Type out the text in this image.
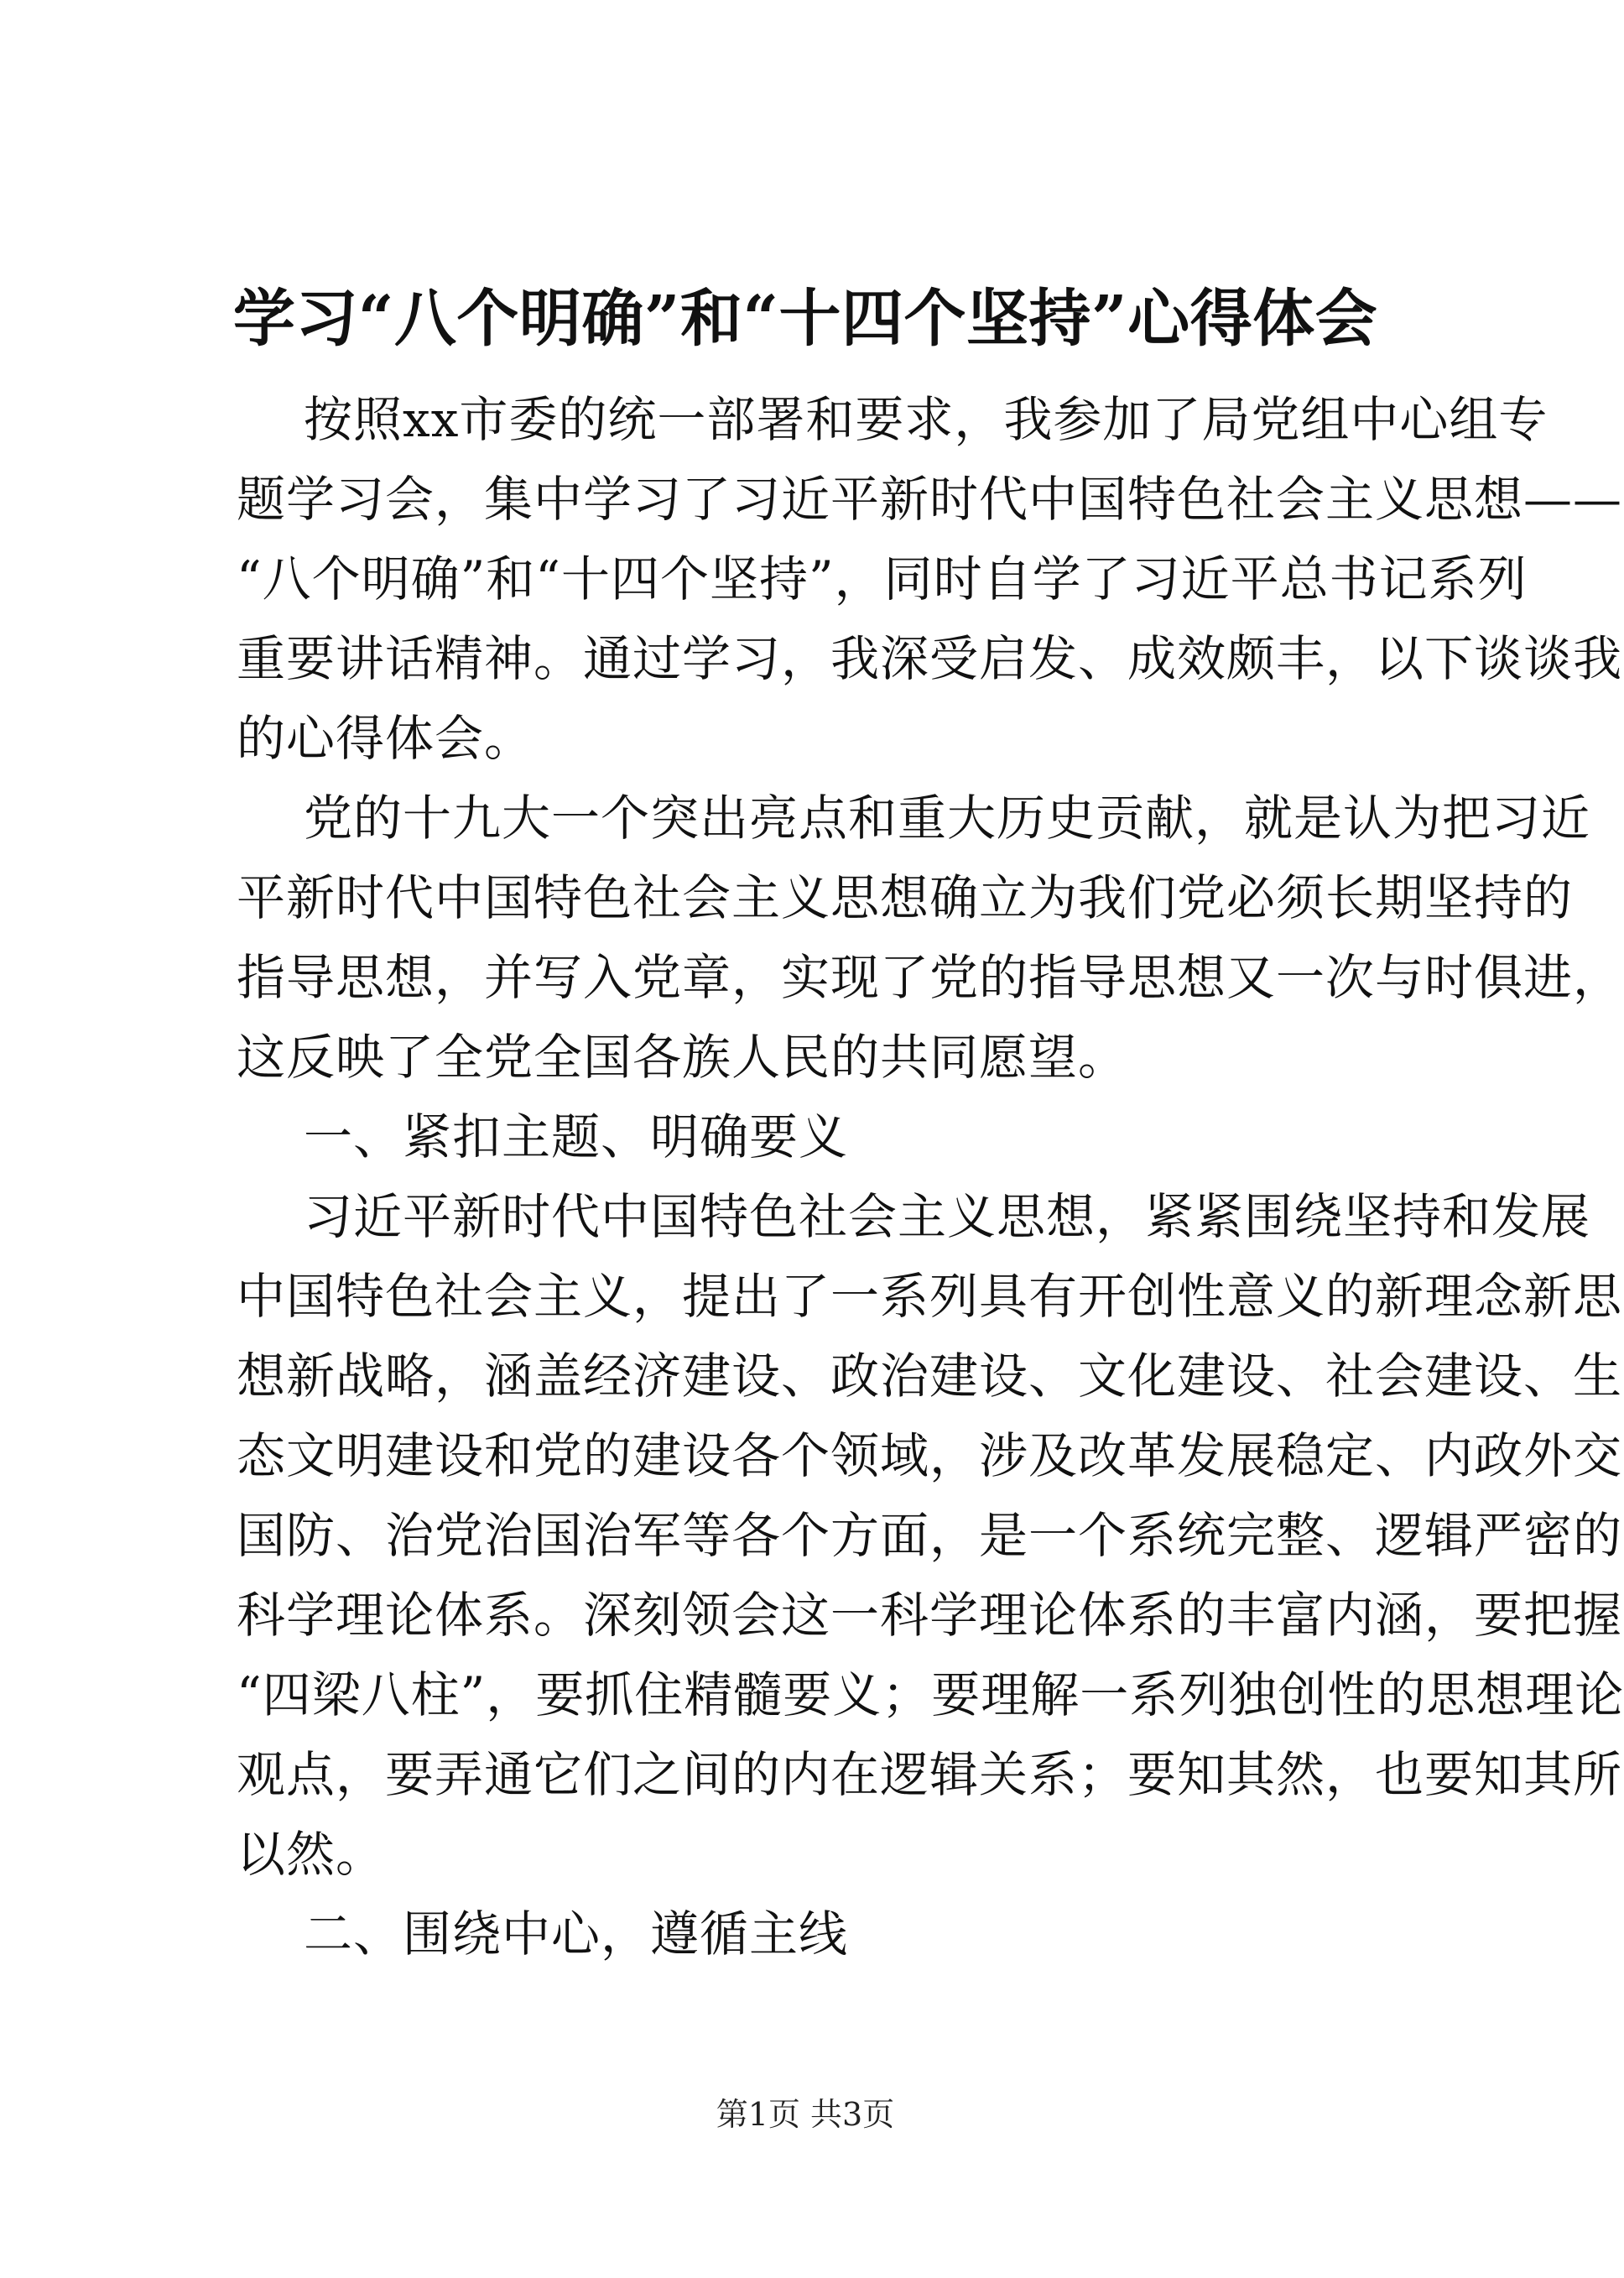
学习“八个明确”和“十四个坚持”心得体会
按照xx市委的统一部署和要求，我参加了局党组中心组专
题学习会，集中学习了习近平新时代中国特色社会主义思想——
“八个明确”和“十四个坚持”，同时自学了习近平总书记系列
重要讲话精神。通过学习，我深受启发、成效颇丰，以下谈谈我
的心得体会。
党的十九大一个突出亮点和重大历史贡献，就是认为把习近
平新时代中国特色社会主义思想确立为我们党必须长期坚持的
指导思想，并写入党章，实现了党的指导思想又一次与时俱进，
这反映了全党全国各族人民的共同愿望。
一、紧扣主题、明确要义
习近平新时代中国特色社会主义思想，紧紧围绕坚持和发展
中国特色社会主义，提出了一系列具有开创性意义的新理念新思
想新战略，涵盖经济建设、政治建设、文化建设、社会建设、生
态文明建设和党的建设各个领域，涉及改革发展稳定、内政外交
国防、治党治国治军等各个方面，是一个系统完整、逻辑严密的
科学理论体系。深刻领会这一科学理论体系的丰富内涵，要把握
“四梁八柱”，要抓住精髓要义；要理解一系列独创性的思想理论
观点，要弄通它们之间的内在逻辑关系；要知其然，也要知其所
以然。
二、围绕中心，遵循主线
第1页 共3页
